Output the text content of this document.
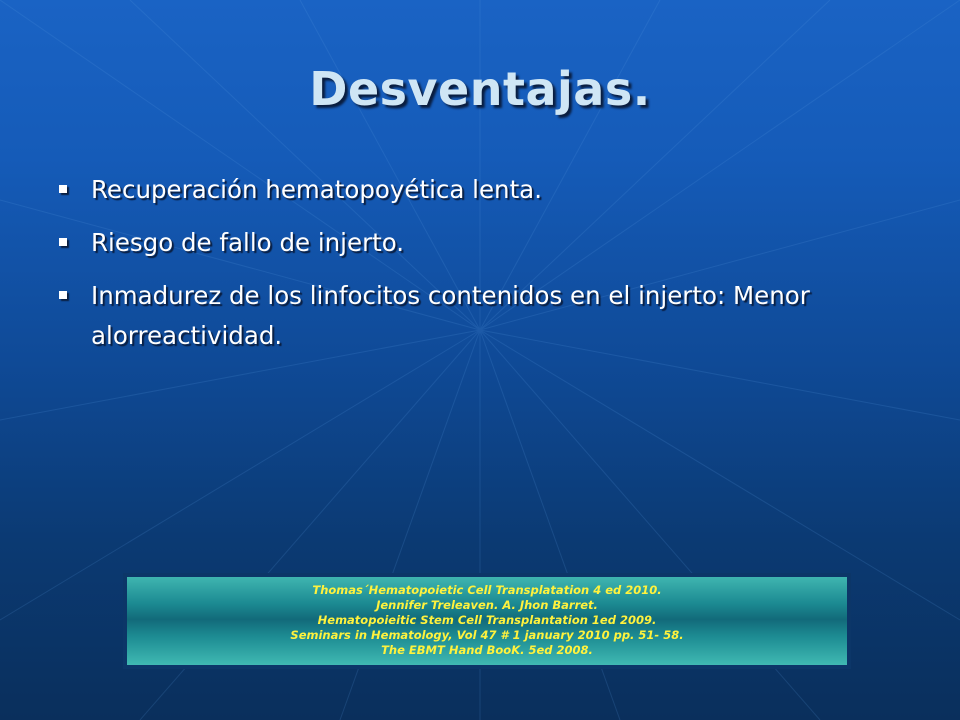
Desventajas.
Recuperación hematopoyética lenta.
Riesgo de fallo de injerto.
Inmadurez de los linfocitos contenidos en el injerto: Menor alorreactividad.
Thomas´Hematopoietic Cell Transplatation 4 ed 2010.
Jennifer Treleaven. A. Jhon Barret.
Hematopoieitic Stem Cell Transplantation 1ed 2009.
Seminars in Hematology, Vol 47 # 1 january 2010 pp. 51- 58.
The EBMT Hand BooK. 5ed 2008.
